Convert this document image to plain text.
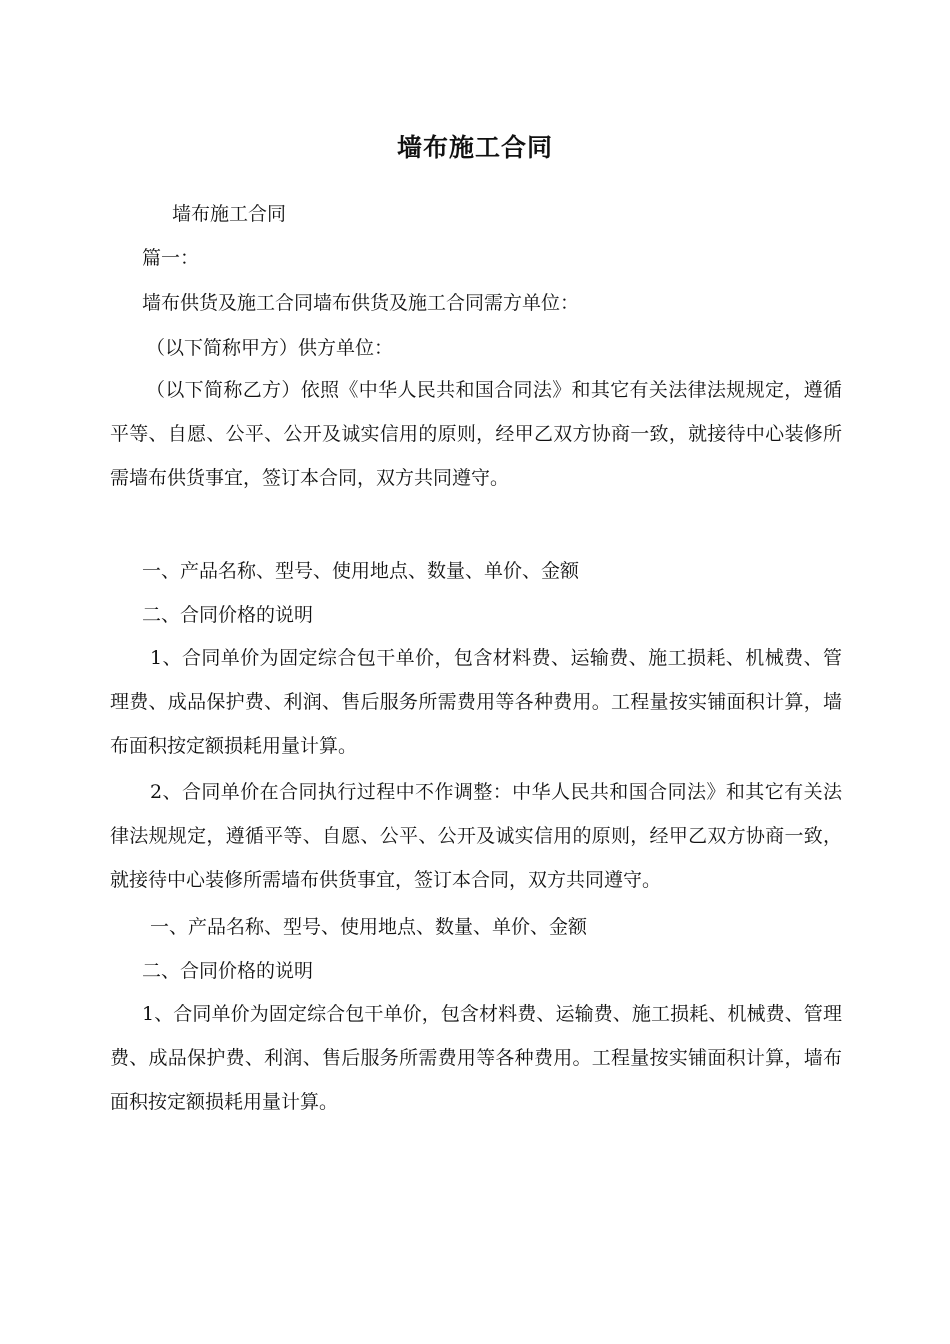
墙布施工合同
墙布施工合同
篇一：
墙布供货及施工合同墙布供货及施工合同需方单位：
（以下简称甲方）供方单位：
（以下简称乙方）依照《中华人民共和国合同法》和其它有关法律法规规定，遵循平等、自愿、公平、公开及诚实信用的原则，经甲乙双方协商一致，就接待中心装修所需墙布供货事宜，签订本合同，双方共同遵守。
一、产品名称、型号、使用地点、数量、单价、金额
二、合同价格的说明
1、合同单价为固定综合包干单价，包含材料费、运输费、施工损耗、机械费、管理费、成品保护费、利润、售后服务所需费用等各种费用。工程量按实铺面积计算，墙布面积按定额损耗用量计算。
2、合同单价在合同执行过程中不作调整：中华人民共和国合同法》和其它有关法律法规规定，遵循平等、自愿、公平、公开及诚实信用的原则，经甲乙双方协商一致，就接待中心装修所需墙布供货事宜，签订本合同，双方共同遵守。
一、产品名称、型号、使用地点、数量、单价、金额
二、合同价格的说明
1、合同单价为固定综合包干单价，包含材料费、运输费、施工损耗、机械费、管理费、成品保护费、利润、售后服务所需费用等各种费用。工程量按实铺面积计算，墙布面积按定额损耗用量计算。
